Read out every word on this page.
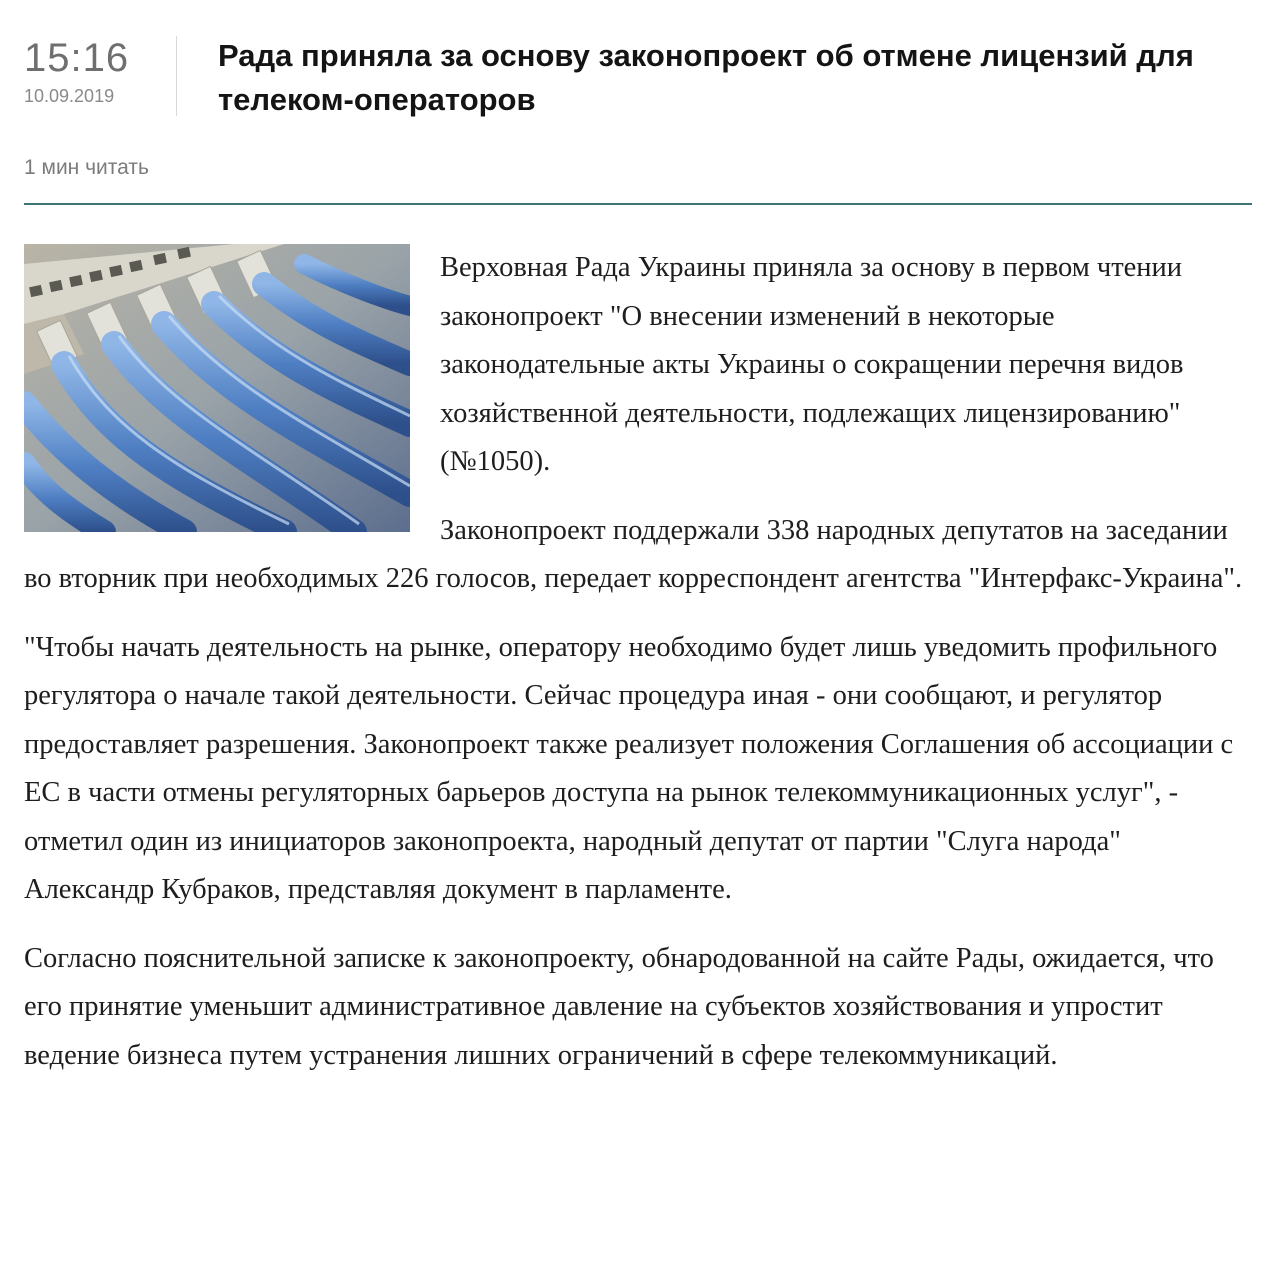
15:16
10.09.2019
Рада приняла за основу законопроект об отмене лицензий для телеком-операторов
1 мин читать

Верховная Рада Украины приняла за основу в первом чтении законопроект "О внесении изменений в некоторые законодательные акты Украины о сокращении перечня видов хозяйственной деятельности, подлежащих лицензированию" (№1050).

Законопроект поддержали 338 народных депутатов на заседании во вторник при необходимых 226 голосов, передает корреспондент агентства "Интерфакс-Украина".

"Чтобы начать деятельность на рынке, оператору необходимо будет лишь уведомить профильного регулятора о начале такой деятельности. Сейчас процедура иная - они сообщают, и регулятор предоставляет разрешения. Законопроект также реализует положения Соглашения об ассоциации с ЕС в части отмены регуляторных барьеров доступа на рынок телекоммуникационных услуг", - отметил один из инициаторов законопроекта, народный депутат от партии "Слуга народа" Александр Кубраков, представляя документ в парламенте.

Согласно пояснительной записке к законопроекту, обнародованной на сайте Рады, ожидается, что его принятие уменьшит административное давление на субъектов хозяйствования и упростит ведение бизнеса путем устранения лишних ограничений в сфере телекоммуникаций.
